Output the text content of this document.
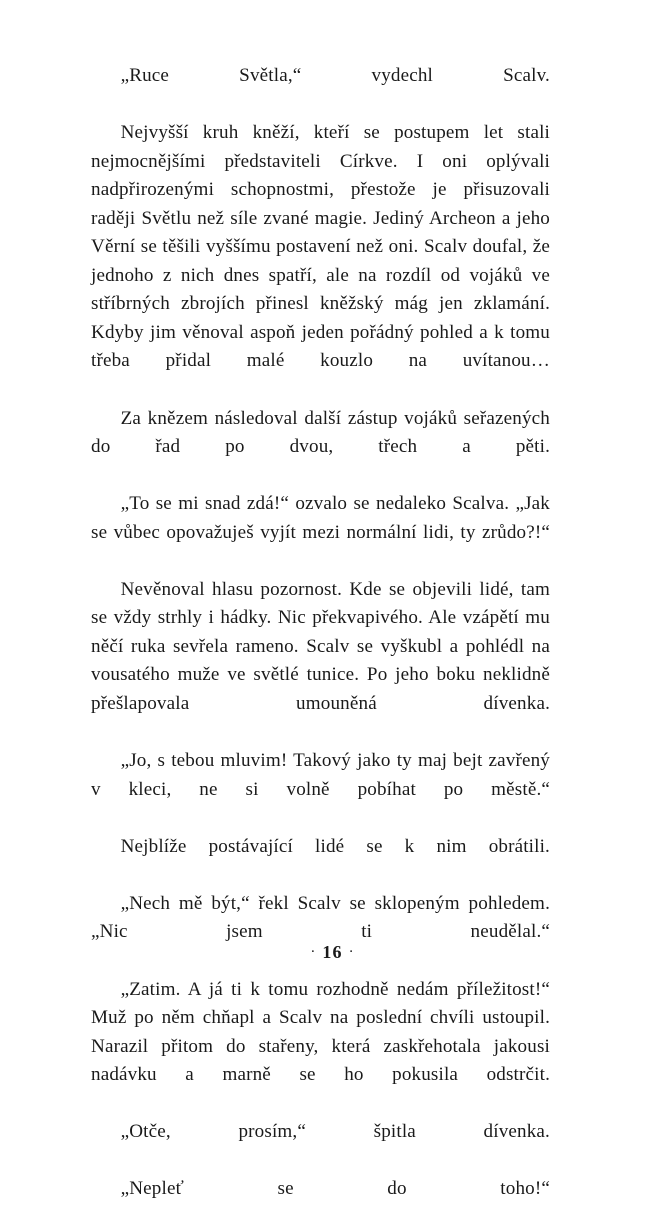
„Ruce Světla,“ vydechl Scalv.

Nejvyšší kruh kněží, kteří se postupem let stali nejmocnějšími představiteli Církve. I oni oplývali nadpřirozenými schopnostmi, přestože je přisuzovali raději Světlu než síle zvané magie. Jediný Archeon a jeho Věrní se těšili vyššímu postavení než oni. Scalv doufal, že jednoho z nich dnes spatří, ale na rozdíl od vojáků ve stříbrných zbrojích přinesl kněžský mág jen zklamání. Kdyby jim věnoval aspoň jeden pořádný pohled a k tomu třeba přidal malé kouzlo na uvítanou…

Za knězem následoval další zástup vojáků seřazených do řad po dvou, třech a pěti.

„To se mi snad zdá!“ ozvalo se nedaleko Scalva. „Jak se vůbec opovažuješ vyjít mezi normální lidi, ty zrůdo?!“

Nevěnoval hlasu pozornost. Kde se objevili lidé, tam se vždy strhly i hádky. Nic překvapivého. Ale vzápětí mu něčí ruka sevřela rameno. Scalv se vyškubl a pohlédl na vousatého muže ve světlé tunice. Po jeho boku neklidně přešlapovala umouněná dívenka.

„Jo, s tebou mluvim! Takový jako ty maj bejt zavřený v kleci, ne si volně pobíhat po městě.“

Nejblíže postávající lidé se k nim obrátili.

„Nech mě být,“ řekl Scalv se sklopeným pohledem. „Nic jsem ti neudělal.“

„Zatim. A já ti k tomu rozhodně nedám příležitost!“ Muž po něm chňapl a Scalv na poslední chvíli ustoupil. Narazil přitom do stařeny, která zaskřehotala jakousi nadávku a marně se ho pokusila odstrčit.

„Otče, prosím,“ špitla dívenka.

„Nepleť se do toho!“

· 16 ·
